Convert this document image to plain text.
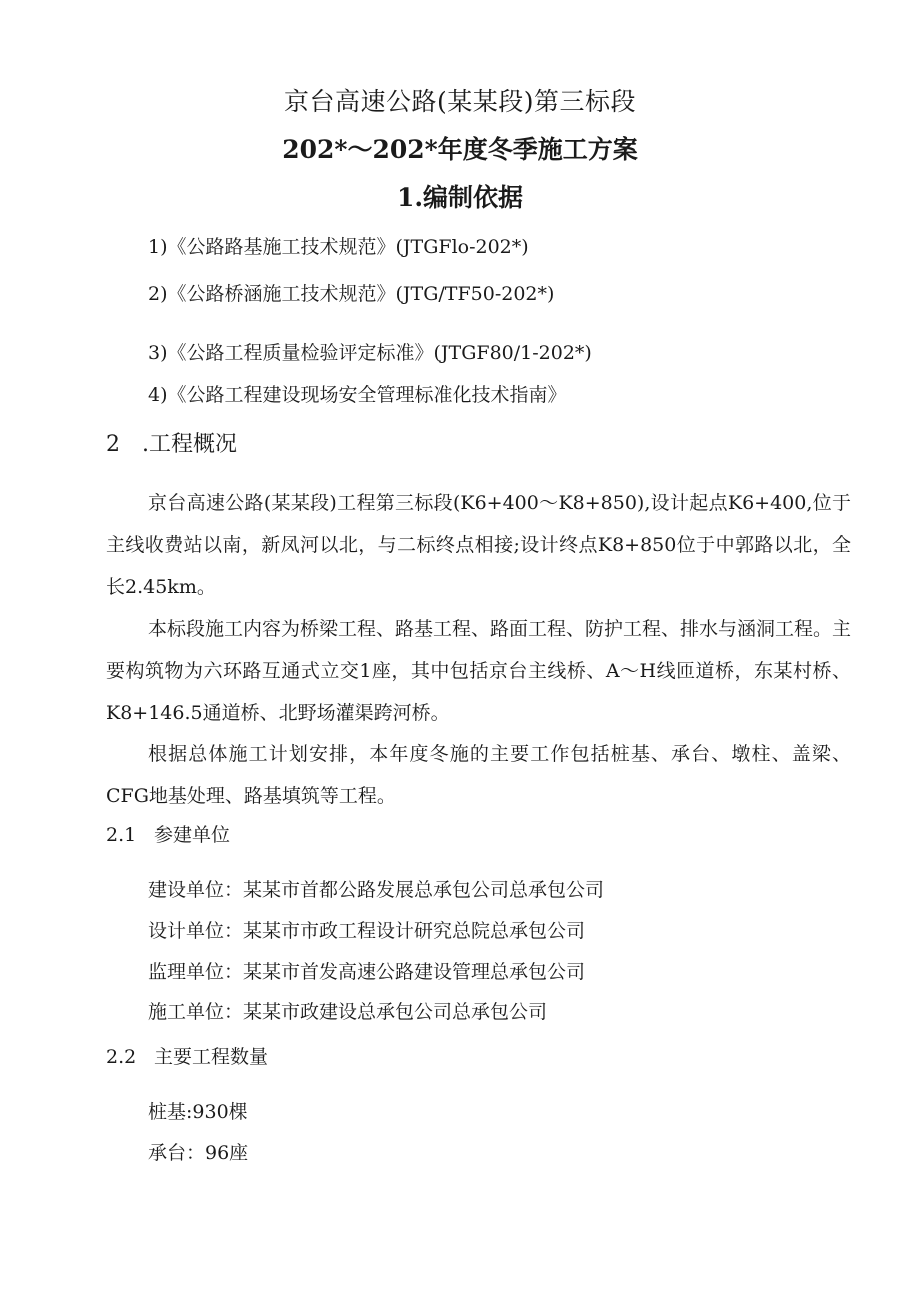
京台高速公路(某某段)第三标段
202*～202*年度冬季施工方案
1.编制依据
1)《公路路基施工技术规范》(JTGFlo-202*)
2)《公路桥涵施工技术规范》(JTG/TF50-202*)
3)《公路工程质量检验评定标准》(JTGF80/1-202*)
4)《公路工程建设现场安全管理标准化技术指南》
2　.工程概况
京台高速公路(某某段)工程第三标段(K6+400～K8+850),设计起点K6+400,位于主线收费站以南，新凤河以北，与二标终点相接;设计终点K8+850位于中郭路以北，全长2.45km。
本标段施工内容为桥梁工程、路基工程、路面工程、防护工程、排水与涵洞工程。主要构筑物为六环路互通式立交1座，其中包括京台主线桥、A～H线匝道桥，东某村桥、K8+146.5通道桥、北野场灌渠跨河桥。
根据总体施工计划安排，本年度冬施的主要工作包括桩基、承台、墩柱、盖梁、CFG地基处理、路基填筑等工程。
2.1 参建单位
建设单位：某某市首都公路发展总承包公司总承包公司
设计单位：某某市市政工程设计研究总院总承包公司
监理单位：某某市首发高速公路建设管理总承包公司
施工单位：某某市政建设总承包公司总承包公司
2.2 主要工程数量
桩基:930棵
承台：96座
